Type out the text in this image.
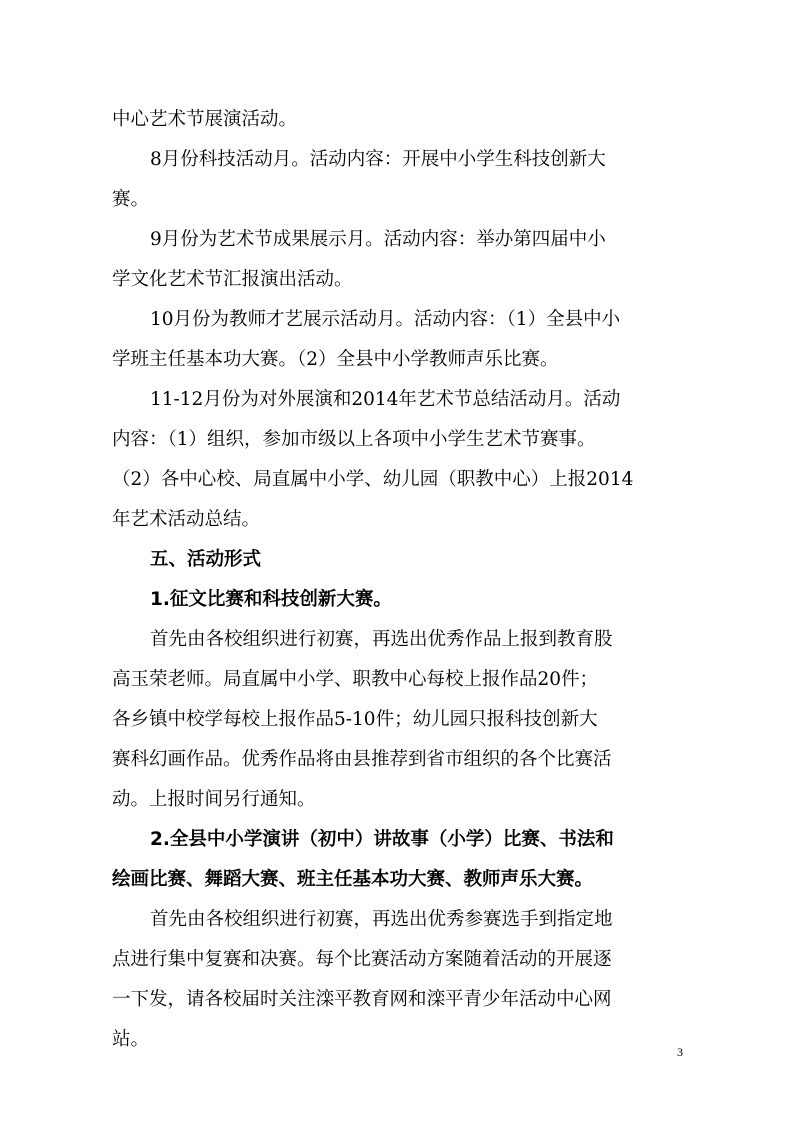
中心艺术节展演活动。
8月份科技活动月。活动内容：开展中小学生科技创新大
赛。
9月份为艺术节成果展示月。活动内容：举办第四届中小
学文化艺术节汇报演出活动。
10月份为教师才艺展示活动月。活动内容：（1）全县中小
学班主任基本功大赛。（2）全县中小学教师声乐比赛。
11-12月份为对外展演和2014年艺术节总结活动月。活动
内容：（1）组织，参加市级以上各项中小学生艺术节赛事。
（2）各中心校、局直属中小学、幼儿园（职教中心）上报2014
年艺术活动总结。
五、活动形式
1.征文比赛和科技创新大赛。
首先由各校组织进行初赛，再选出优秀作品上报到教育股
高玉荣老师。局直属中小学、职教中心每校上报作品20件；
各乡镇中校学每校上报作品5-10件；幼儿园只报科技创新大
赛科幻画作品。优秀作品将由县推荐到省市组织的各个比赛活
动。上报时间另行通知。
2.全县中小学演讲（初中）讲故事（小学）比赛、书法和
绘画比赛、舞蹈大赛、班主任基本功大赛、教师声乐大赛。
首先由各校组织进行初赛，再选出优秀参赛选手到指定地
点进行集中复赛和决赛。每个比赛活动方案随着活动的开展逐
一下发，请各校届时关注滦平教育网和滦平青少年活动中心网
站。
3
